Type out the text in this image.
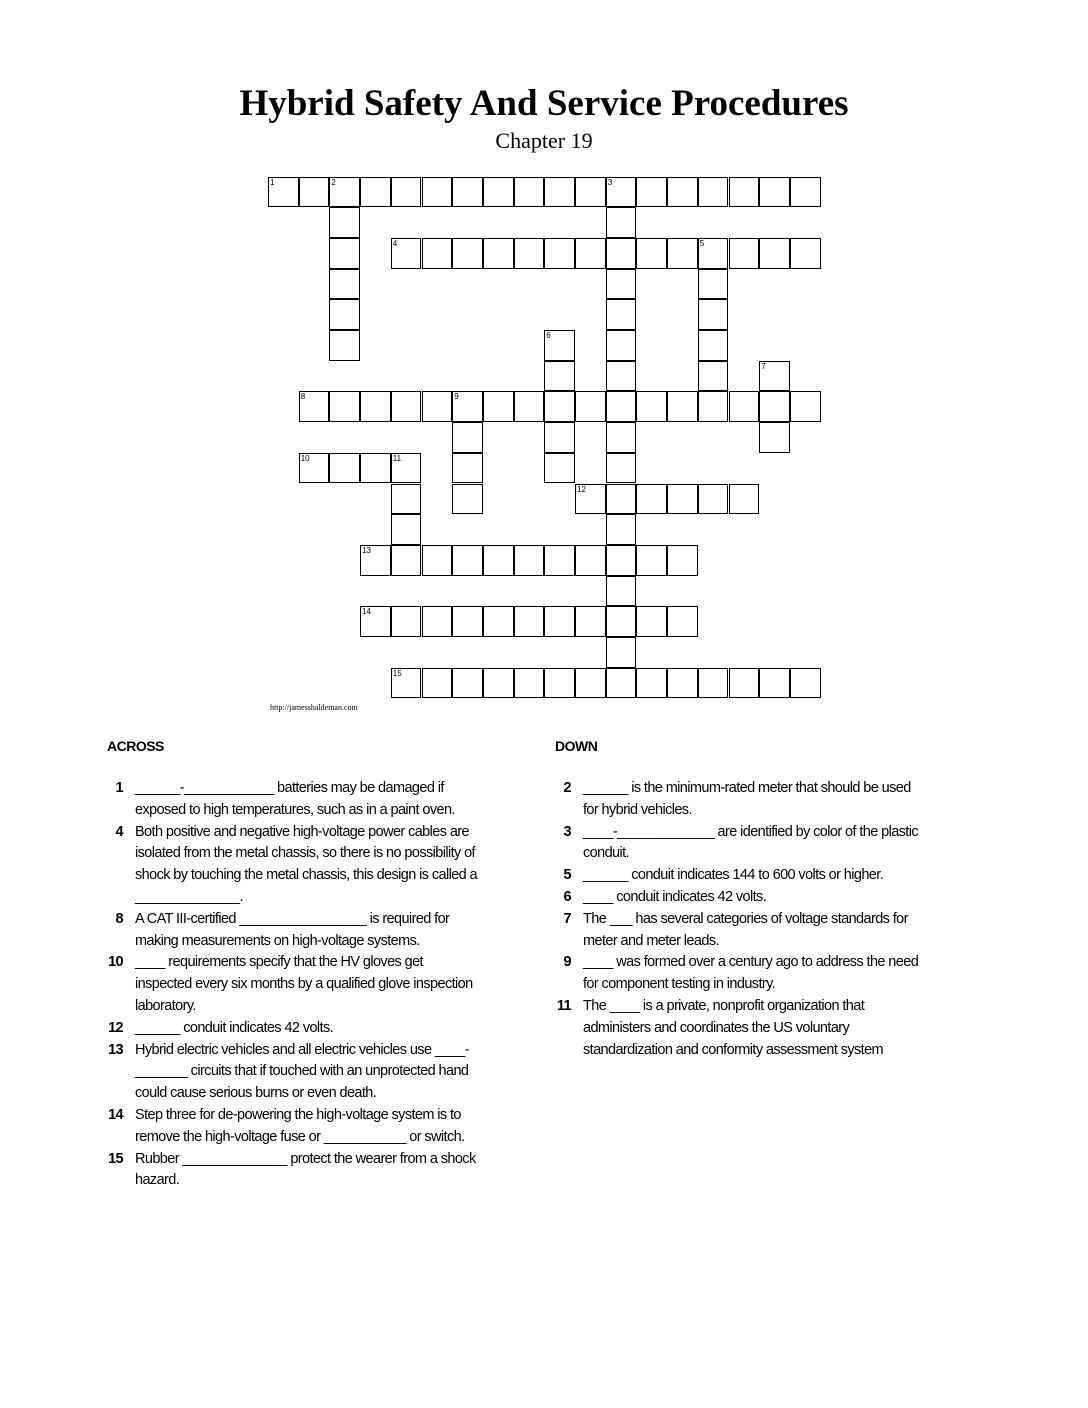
Hybrid Safety And Service Procedures
Chapter 19
1	2	3
4	5
6
7
8	9
10	11
12
13
14
15
http://jamesshaldeman.com
ACROSS	DOWN
1 ______-____________ batteries may be damaged if exposed to high temperatures, such as in a paint oven.
4 Both positive and negative high-voltage power cables are isolated from the metal chassis, so there is no possibility of shock by touching the metal chassis, this design is called a ______________.
8 A CAT III-certified _________________ is required for making measurements on high-voltage systems.
10 ____ requirements specify that the HV gloves get inspected every six months by a qualified glove inspection laboratory.
12 ______ conduit indicates 42 volts.
13 Hybrid electric vehicles and all electric vehicles use ____-_______ circuits that if touched with an unprotected hand could cause serious burns or even death.
14 Step three for de-powering the high-voltage system is to remove the high-voltage fuse or ___________ or switch.
15 Rubber ______________ protect the wearer from a shock hazard.
2 ______ is the minimum-rated meter that should be used for hybrid vehicles.
3 ____-_____________ are identified by color of the plastic conduit.
5 ______ conduit indicates 144 to 600 volts or higher.
6 ____ conduit indicates 42 volts.
7 The ___ has several categories of voltage standards for meter and meter leads.
9 ____ was formed over a century ago to address the need for component testing in industry.
11 The ____ is a private, nonprofit organization that administers and coordinates the US voluntary standardization and conformity assessment system
